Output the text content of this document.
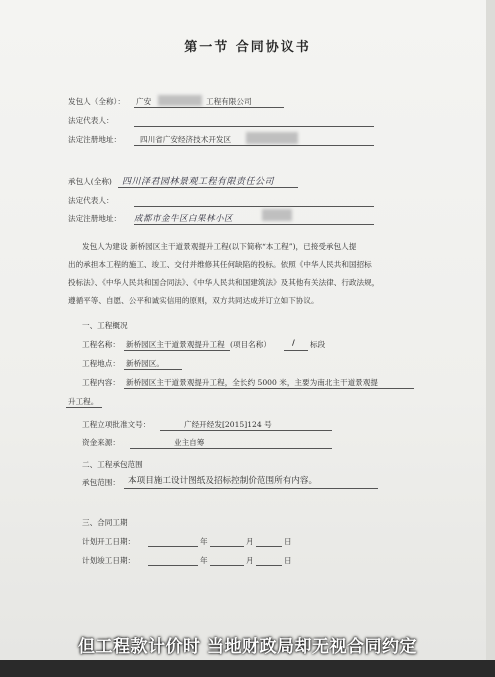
第一节 合同协议书
发包人（全称）： 广安	工程有限公司
法定代表人：
法定注册地址： 四川省广安经济技术开发区
承包人(全称) 四川泽君园林景观工程有限责任公司
法定代表人：
法定注册地址： 成都市金牛区白果林小区
发包人为建设 新桥园区主干道景观提升工程(以下简称“本工程”)，已接受承包人提
出的承担本工程的施工、竣工、交付并维修其任何缺陷的投标。依照《中华人民共和国招标
投标法》、《中华人民共和国合同法》、《中华人民共和国建筑法》及其他有关法律、行政法规，
遵循平等、自愿、公平和诚实信用的原则，双方共同达成并订立如下协议。
一、工程概况
工程名称： 新桥园区主干道景观提升工程 (项目名称）	/ 标段
工程地点： 新桥园区。
工程内容： 新桥园区主干道景观提升工程，全长约 5000 米，主要为南北主干道景观提
升工程。
工程立项批准文号：	广经开经发[2015]124 号
资金来源：	业主自筹
二、工程承包范围
承包范围： 本项目施工设计图纸及招标控制价范围所有内容。
三、合同工期
计划开工日期：	年	月	日
计划竣工日期：	年	月	日
但工程款计价时 当地财政局却无视合同约定
